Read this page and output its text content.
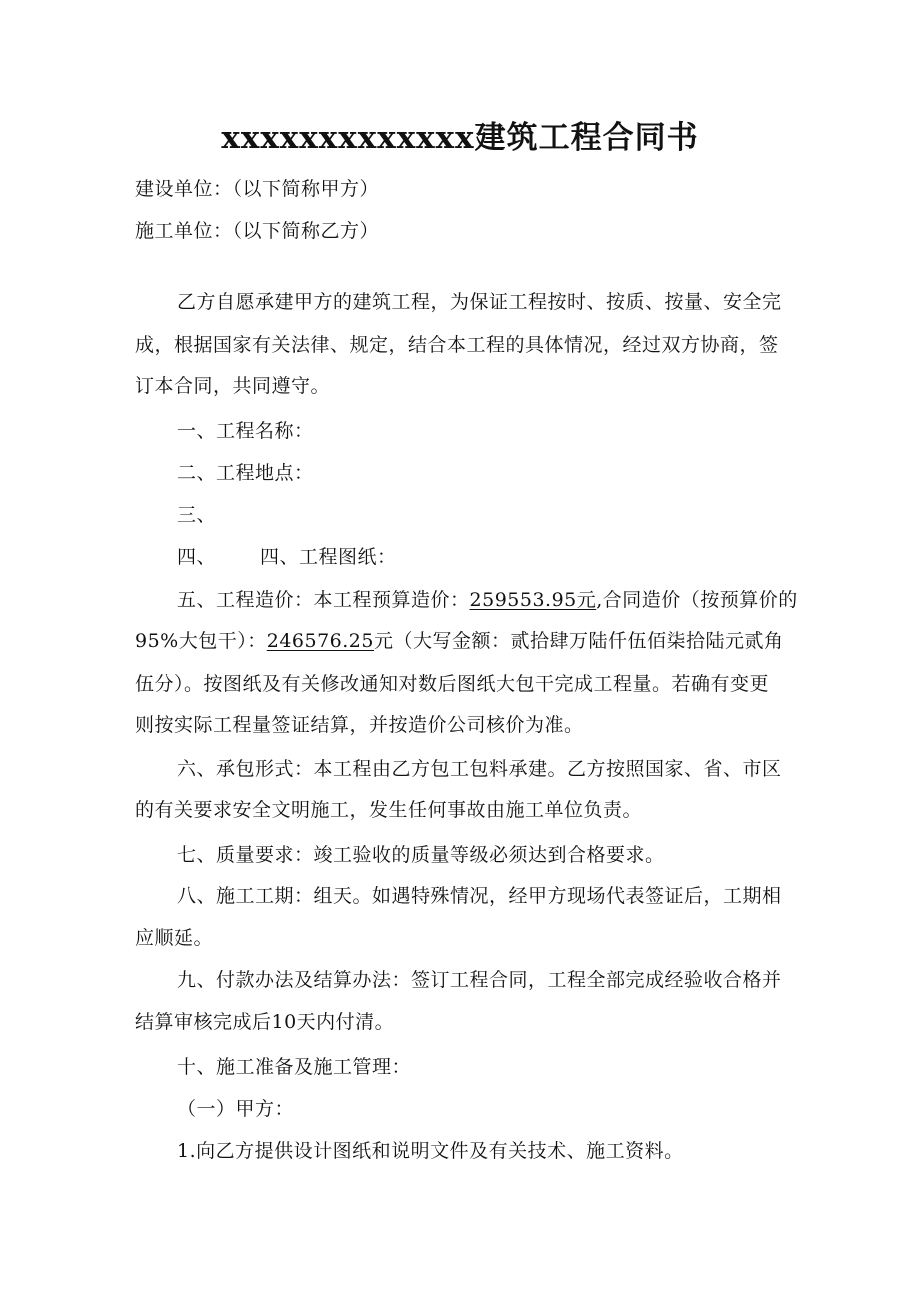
xxxxxxxxxxxxx建筑工程合同书
建设单位：（以下简称甲方）
施工单位：（以下简称乙方）
乙方自愿承建甲方的建筑工程，为保证工程按时、按质、按量、安全完
成，根据国家有关法律、规定，结合本工程的具体情况，经过双方协商，签
订本合同，共同遵守。
一、工程名称：
二、工程地点：
三、
四、 四、工程图纸：
五、工程造价：本工程预算造价：259553.95元,合同造价（按预算价的
95%大包干）：246576.25元（大写金额：贰拾肆万陆仟伍佰柒拾陆元贰角
伍分）。按图纸及有关修改通知对数后图纸大包干完成工程量。若确有变更
则按实际工程量签证结算，并按造价公司核价为准。
六、承包形式：本工程由乙方包工包料承建。乙方按照国家、省、市区
的有关要求安全文明施工，发生任何事故由施工单位负责。
七、质量要求：竣工验收的质量等级必须达到合格要求。
八、施工工期：组天。如遇特殊情况，经甲方现场代表签证后，工期相
应顺延。
九、付款办法及结算办法：签订工程合同，工程全部完成经验收合格并
结算审核完成后10天内付清。
十、施工准备及施工管理：
（一）甲方：
1.向乙方提供设计图纸和说明文件及有关技术、施工资料。
